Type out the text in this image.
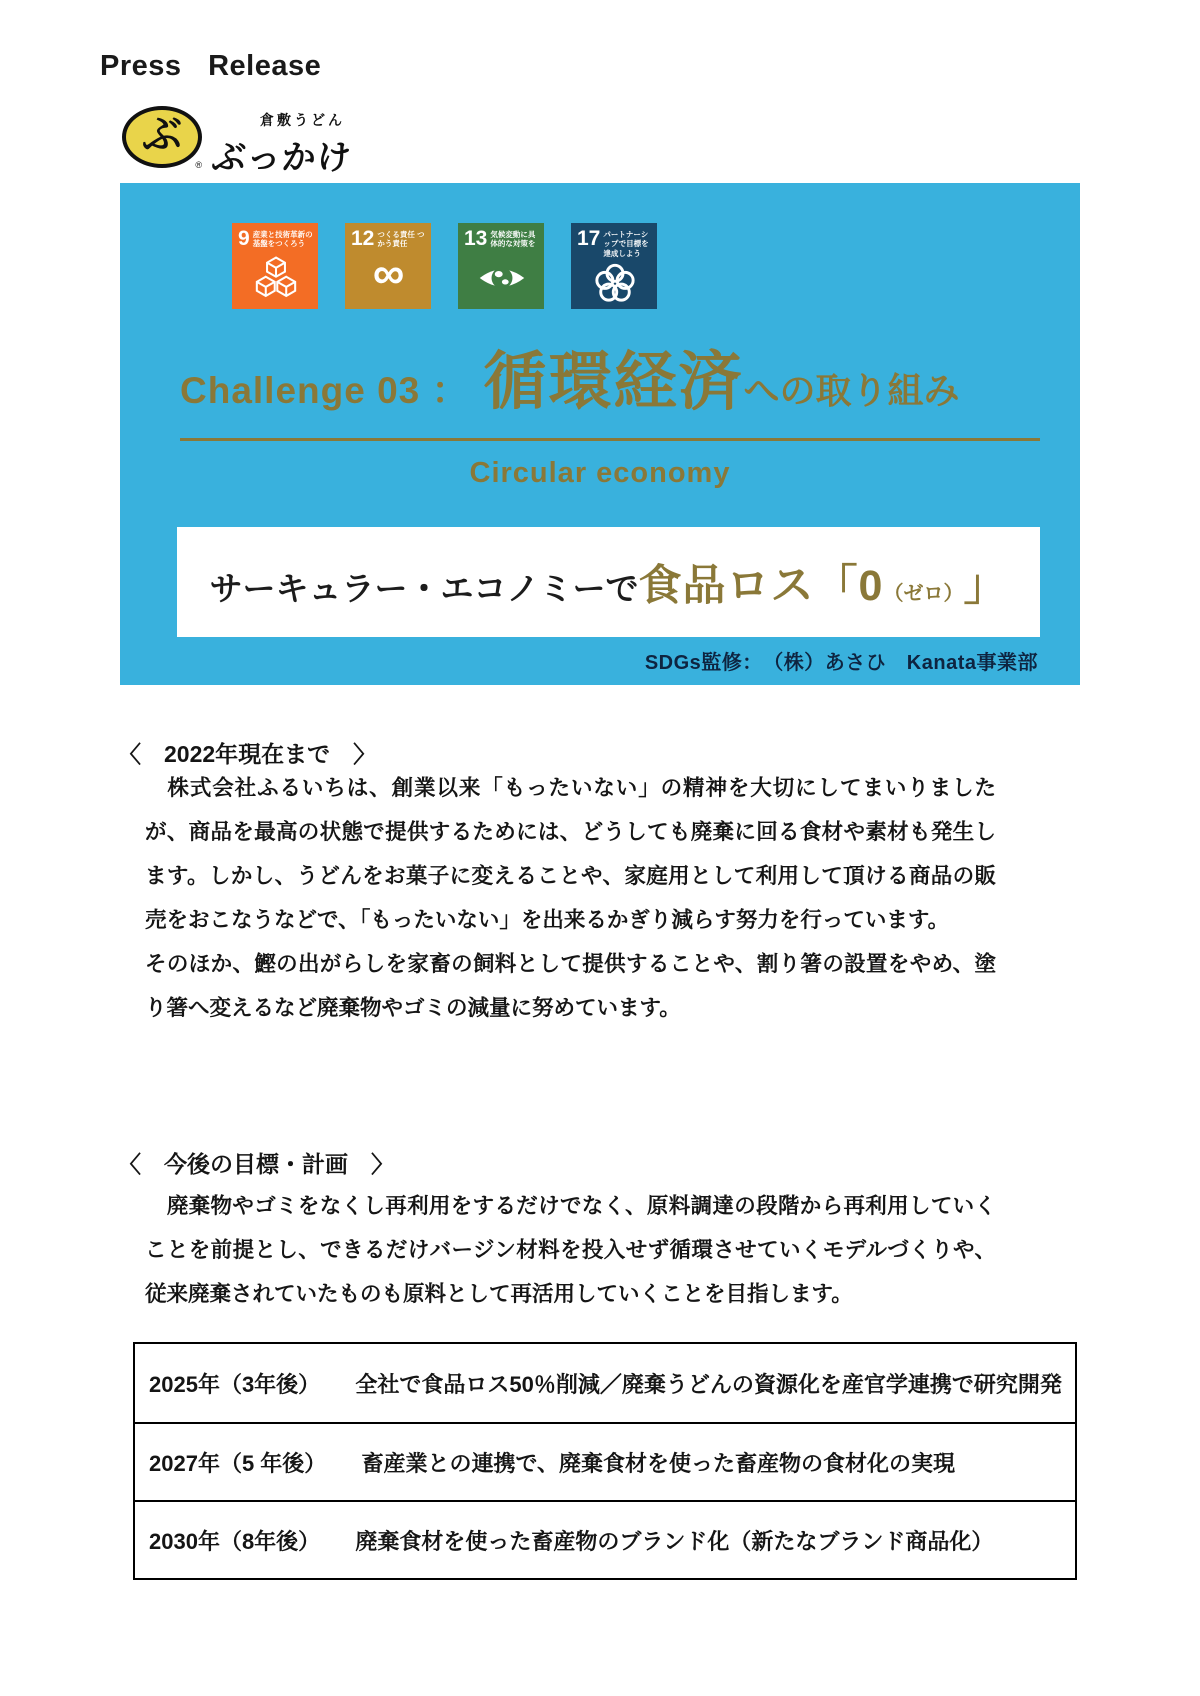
Press Release
ぶ
®
倉敷うどん
ぶっかけ
9 産業と技術革新の基盤をつくろう	12 つくる責任 つかう責任
∞
13 気候変動に具体的な対策を 17 パートナーシップで目標を達成しよう
Challenge 03 ： 循環経済 への取り組み
Circular economy
サーキュラー・エコノミーで 食品ロス「0 （ゼロ） 」
SDGs監修：　（株）あさひ　Kanata事業部
〈　2022年現在まで　〉

　株式会社ふるいちは、創業以来「もったいない」の精神を大切にしてまいりましたが、商品を最高の状態で提供するためには、どうしても廃棄に回る食材や素材も発生します。しかし、うどんをお菓子に変えることや、家庭用として利用して頂ける商品の販売をおこなうなどで、「もったいない」を出来るかぎり減らす努力を行っています。

そのほか、鰹の出がらしを家畜の飼料として提供することや、割り箸の設置をやめ、塗り箸へ変えるなど廃棄物やゴミの減量に努めています。

〈　今後の目標・計画　〉

　廃棄物やゴミをなくし再利用をするだけでなく、原料調達の段階から再利用していくことを前提とし、できるだけバージン材料を投入せず循環させていくモデルづくりや、従来廃棄されていたものも原料として再活用していくことを目指します。

2025年（3年後） 全社で食品ロス50％削減／廃棄うどんの資源化を産官学連携で研究開発
2027年（5 年後） 畜産業との連携で、廃棄食材を使った畜産物の食材化の実現
2030年（8年後） 廃棄食材を使った畜産物のブランド化（新たなブランド商品化）
